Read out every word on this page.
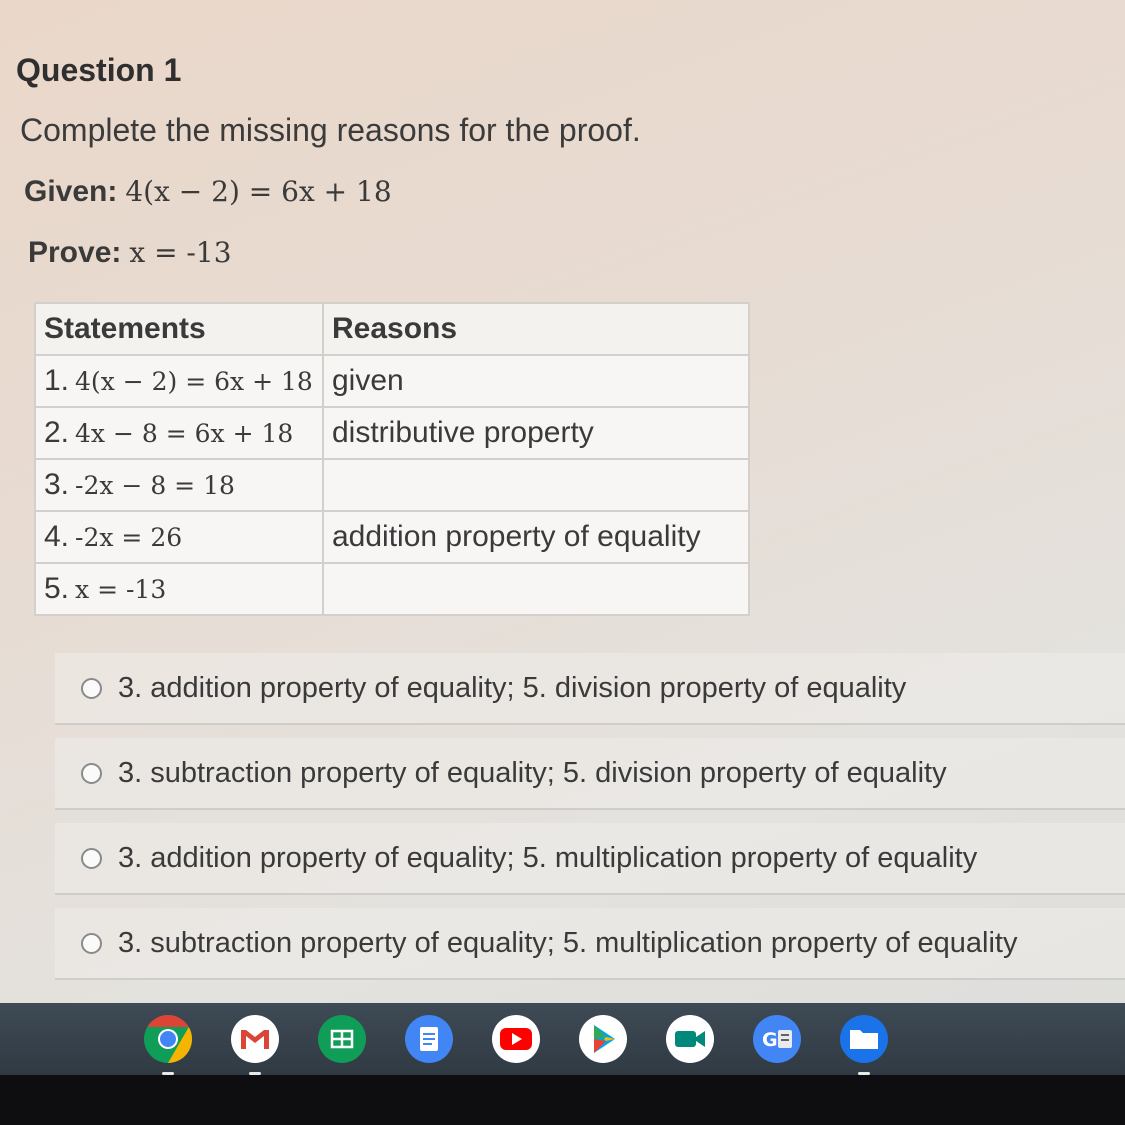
Question 1
Complete the missing reasons for the proof.
Given: 4(x − 2) = 6x + 18
Prove: x = -13
Statements	Reasons
1. 4(x − 2) = 6x + 18	given
2. 4x − 8 = 6x + 18	distributive property
3. -2x − 8 = 18	
4. -2x = 26	addition property of equality
5. x = -13	
3. addition property of equality; 5. division property of equality
3. subtraction property of equality; 5. division property of equality
3. addition property of equality; 5. multiplication property of equality
3. subtraction property of equality; 5. multiplication property of equality
G
